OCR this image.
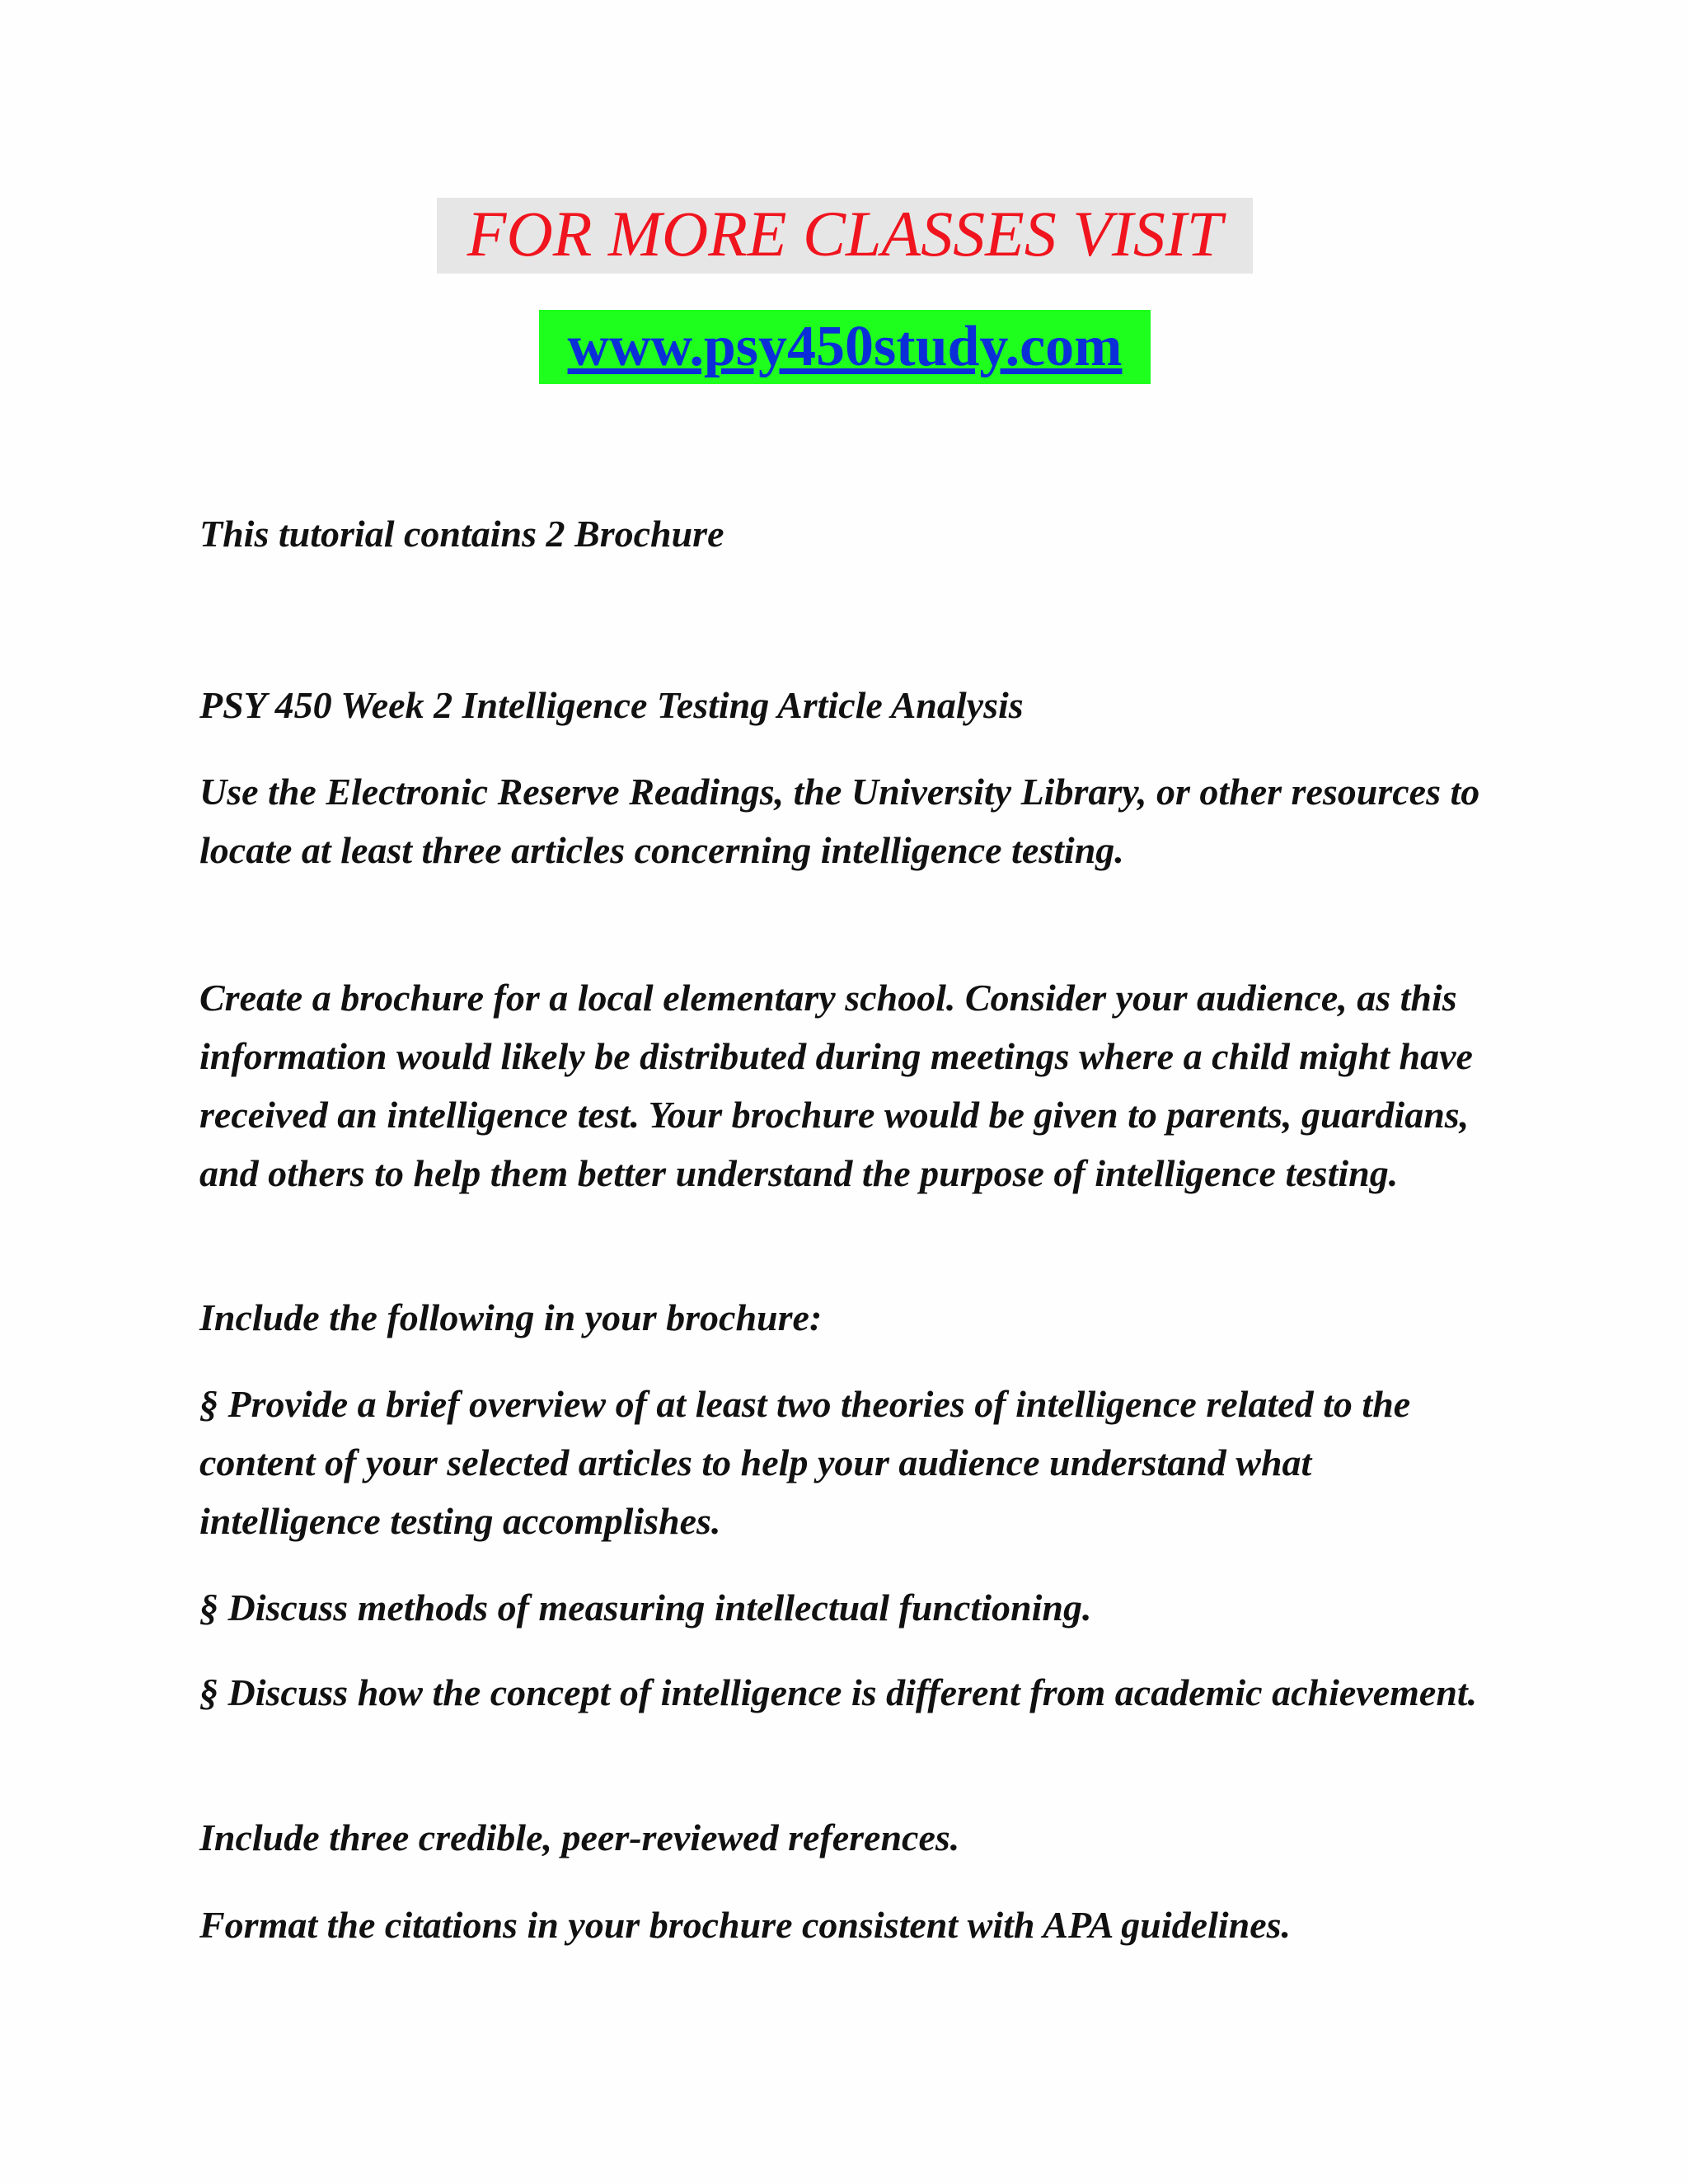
FOR MORE CLASSES VISIT
www.psy450study.com

This tutorial contains 2 Brochure

PSY 450 Week 2 Intelligence Testing Article Analysis

Use the Electronic Reserve Readings, the University Library, or other resources to locate at least three articles concerning intelligence testing.

Create a brochure for a local elementary school. Consider your audience, as this information would likely be distributed during meetings where a child might have received an intelligence test. Your brochure would be given to parents, guardians, and others to help them better understand the purpose of intelligence testing.

Include the following in your brochure:

§ Provide a brief overview of at least two theories of intelligence related to the content of your selected articles to help your audience understand what intelligence testing accomplishes.

§ Discuss methods of measuring intellectual functioning.

§ Discuss how the concept of intelligence is different from academic achievement.

Include three credible, peer-reviewed references.

Format the citations in your brochure consistent with APA guidelines.
